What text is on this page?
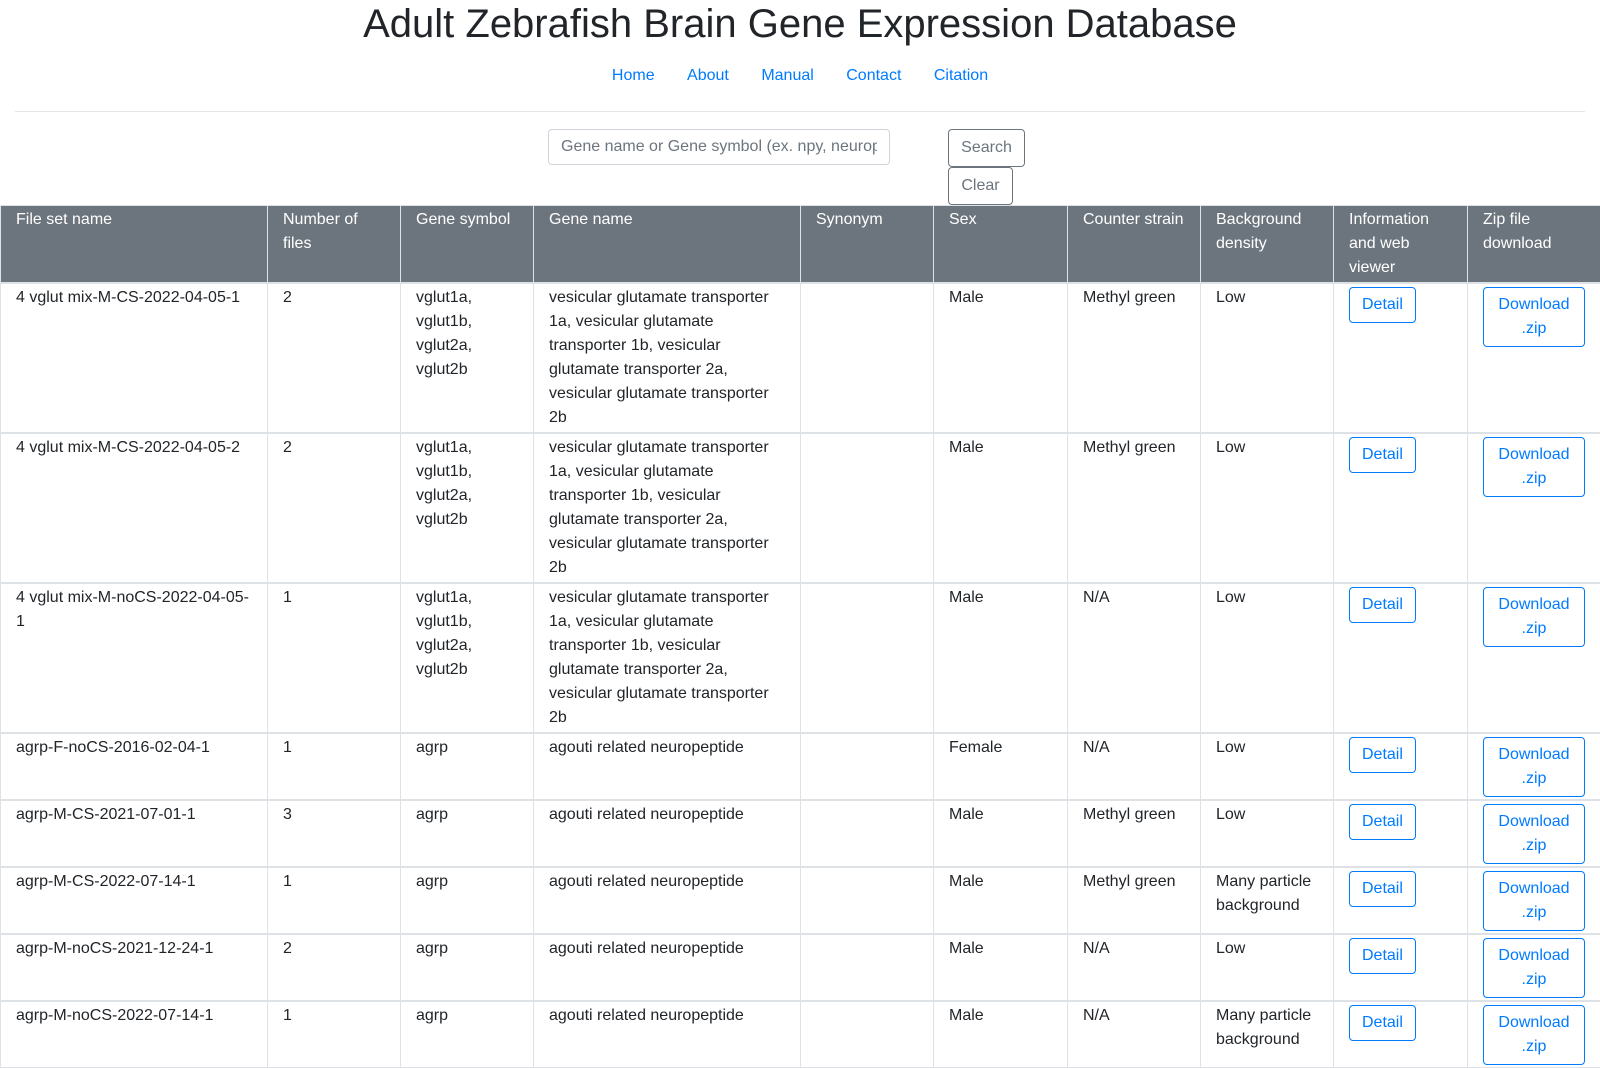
Adult Zebrafish Brain Gene Expression Database
Home About Manual Contact Citation
Gene name or Gene symbol (ex. npy, neuropeptide Y)
Search
Clear
File set name	Number of files	Gene symbol	Gene name	Synonym	Sex	Counter strain	Background density	Information and web viewer	Zip file download
4 vglut mix-M-CS-2022-04-05-1	2	vglut1a, vglut1b, vglut2a, vglut2b	vesicular glutamate transporter 1a, vesicular glutamate transporter 1b, vesicular glutamate transporter 2a, vesicular glutamate transporter 2b		Male	Methyl green	Low	Detail	Download .zip
4 vglut mix-M-CS-2022-04-05-2	2	vglut1a, vglut1b, vglut2a, vglut2b	vesicular glutamate transporter 1a, vesicular glutamate transporter 1b, vesicular glutamate transporter 2a, vesicular glutamate transporter 2b		Male	Methyl green	Low	Detail	Download .zip
4 vglut mix-M-noCS-2022-04-05-1	1	vglut1a, vglut1b, vglut2a, vglut2b	vesicular glutamate transporter 1a, vesicular glutamate transporter 1b, vesicular glutamate transporter 2a, vesicular glutamate transporter 2b		Male	N/A	Low	Detail	Download .zip
agrp-F-noCS-2016-02-04-1	1	agrp	agouti related neuropeptide		Female	N/A	Low	Detail	Download .zip
agrp-M-CS-2021-07-01-1	3	agrp	agouti related neuropeptide		Male	Methyl green	Low	Detail	Download .zip
agrp-M-CS-2022-07-14-1	1	agrp	agouti related neuropeptide		Male	Methyl green	Many particle background	Detail	Download .zip
agrp-M-noCS-2021-12-24-1	2	agrp	agouti related neuropeptide		Male	N/A	Low	Detail	Download .zip
agrp-M-noCS-2022-07-14-1	1	agrp	agouti related neuropeptide		Male	N/A	Many particle background	Detail	Download .zip
